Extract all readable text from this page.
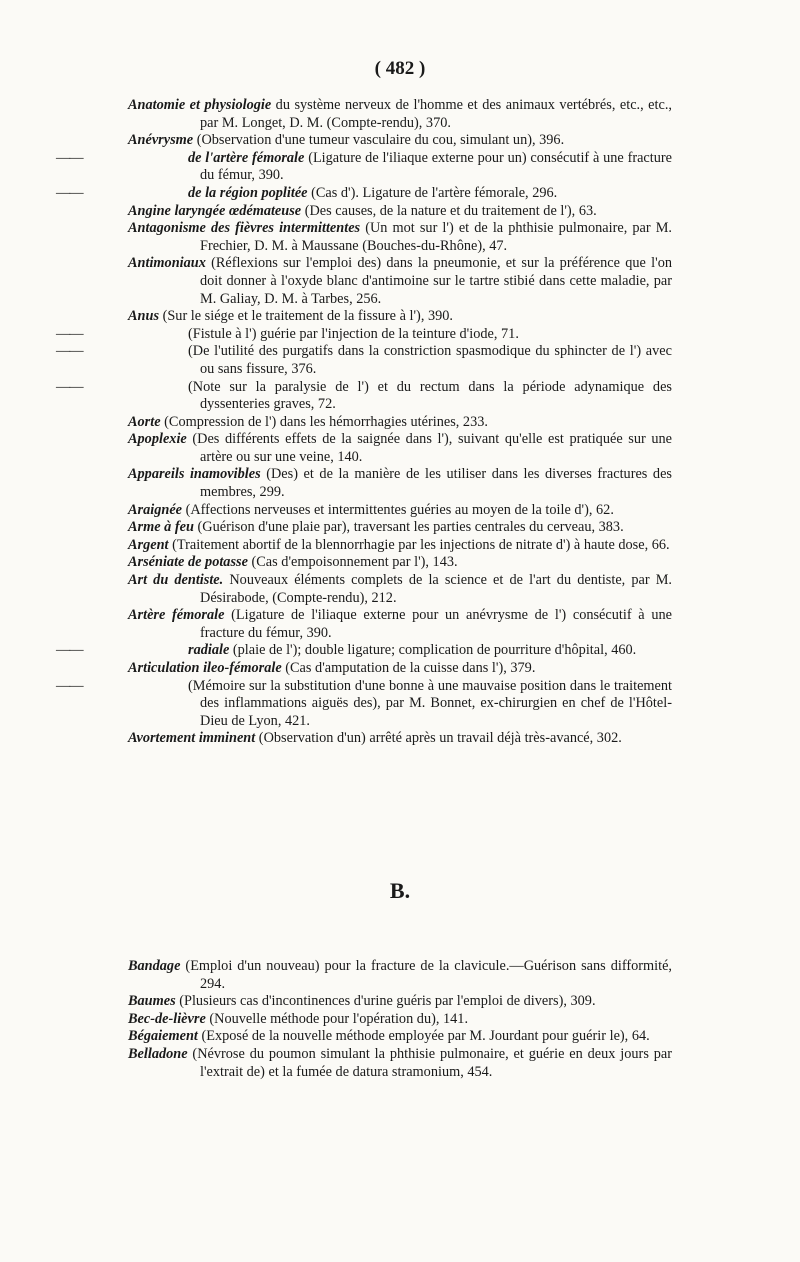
( 482 )
Anatomie et physiologie du système nerveux de l'homme et des animaux vertébrés, etc., etc., par M. Longet, D. M. (Compte-rendu), 370.
Anévrysme (Observation d'une tumeur vasculaire du cou, simulant un), 396.
——	de l'artère fémorale (Ligature de l'iliaque externe pour un) consécutif à une fracture du fémur, 390.
——	de la région poplitée (Cas d'). Ligature de l'artère fémorale, 296.
Angine laryngée œdémateuse (Des causes, de la nature et du traitement de l'), 63.
Antagonisme des fièvres intermittentes (Un mot sur l') et de la phthisie pulmonaire, par M. Frechier, D. M. à Maussane (Bouches-du-Rhône), 47.
Antimoniaux (Réflexions sur l'emploi des) dans la pneumonie, et sur la préférence que l'on doit donner à l'oxyde blanc d'antimoine sur le tartre stibié dans cette maladie, par M. Galiay, D. M. à Tarbes, 256.
Anus (Sur le siége et le traitement de la fissure à l'), 390.
——	(Fistule à l') guérie par l'injection de la teinture d'iode, 71.
——	(De l'utilité des purgatifs dans la constriction spasmodique du sphincter de l') avec ou sans fissure, 376.
——	(Note sur la paralysie de l') et du rectum dans la période adynamique des dyssenteries graves, 72.
Aorte (Compression de l') dans les hémorrhagies utérines, 233.
Apoplexie (Des différents effets de la saignée dans l'), suivant qu'elle est pratiquée sur une artère ou sur une veine, 140.
Appareils inamovibles (Des) et de la manière de les utiliser dans les diverses fractures des membres, 299.
Araignée (Affections nerveuses et intermittentes guéries au moyen de la toile d'), 62.
Arme à feu (Guérison d'une plaie par), traversant les parties centrales du cerveau, 383.
Argent (Traitement abortif de la blennorrhagie par les injections de nitrate d') à haute dose, 66.
Arséniate de potasse (Cas d'empoisonnement par l'), 143.
Art du dentiste. Nouveaux éléments complets de la science et de l'art du dentiste, par M. Désirabode, (Compte-rendu), 212.
Artère fémorale (Ligature de l'iliaque externe pour un anévrysme de l') consécutif à une fracture du fémur, 390.
——	radiale (plaie de l'); double ligature; complication de pourriture d'hôpital, 460.
Articulation ileo-fémorale (Cas d'amputation de la cuisse dans l'), 379.
——	(Mémoire sur la substitution d'une bonne à une mauvaise position dans le traitement des inflammations aiguës des), par M. Bonnet, ex-chirurgien en chef de l'Hôtel-Dieu de Lyon, 421.
Avortement imminent (Observation d'un) arrêté après un travail déjà très-avancé, 302.
B.
Bandage (Emploi d'un nouveau) pour la fracture de la clavicule.—Guérison sans difformité, 294.
Baumes (Plusieurs cas d'incontinences d'urine guéris par l'emploi de divers), 309.
Bec-de-lièvre (Nouvelle méthode pour l'opération du), 141.
Bégaiement (Exposé de la nouvelle méthode employée par M. Jourdant pour guérir le), 64.
Belladone (Névrose du poumon simulant la phthisie pulmonaire, et guérie en deux jours par l'extrait de) et la fumée de datura stramonium, 454.
